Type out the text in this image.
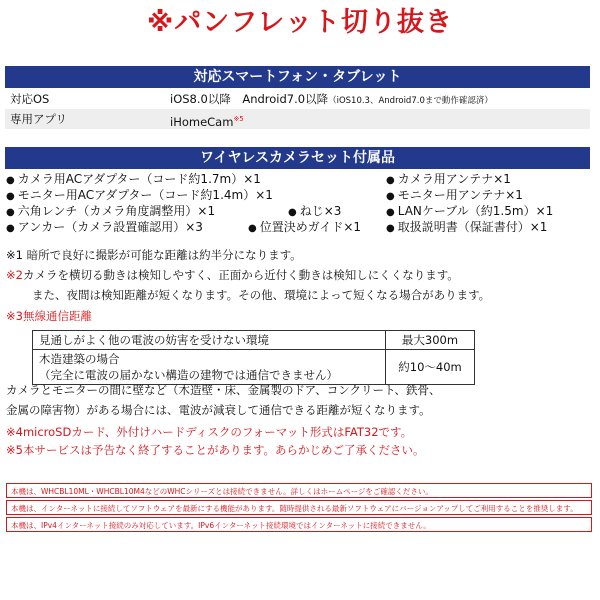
※パンフレット切り抜き
対応スマートフォン・タブレット
対応OS	iOS8.0以降　Android7.0以降（iOS10.3、Android7.0まで動作確認済）
専用アプリ	iHomeCam$^{※5}$
ワイヤレスカメラセット付属品
● カメラ用ACアダプター（コード約1.7m）×1	● カメラ用アンテナ×1
● モニター用ACアダプター（コード約1.4m）×1	● モニター用アンテナ×1
● 六角レンチ（カメラ角度調整用）×1	● ねじ×3	● LANケーブル（約1.5m）×1
● アンカー（カメラ設置確認用）×3	● 位置決めガイド×1	● 取扱説明書（保証書付）×1
※1 暗所で良好に撮影が可能な距離は約半分になります。
※2カメラを横切る動きは検知しやすく、正面から近付く動きは検知しにくくなります。
また、夜間は検知距離が短くなります。その他、環境によって短くなる場合があります。
※3無線通信距離
見通しがよく他の電波の妨害を受けない環境	最大300m

木造建築の場合
（完全に電波の届かない構造の建物では通信できません）	約10〜40m
カメラとモニターの間に壁など（木造壁・床、金属製のドア、コンクリート、鉄骨、
金属の障害物）がある場合には、電波が減衰して通信できる距離が短くなります。
※4microSDカード、外付けハードディスクのフォーマット形式はFAT32です。
※5本サービスは予告なく終了することがあります。あらかじめご了承ください。
本機は、WHCBL10ML・WHCBL10M4などのWHCシリーズとは接続できません。詳しくはホームページをご確認ください。
本機は、インターネットに接続してソフトウェアを最新にする機能があります。随時提供される最新ソフトウェアにバージョンアップしてご利用することを推奨します。
本機は、IPv4インターネット接続のみ対応しています。IPv6インターネット接続環境ではインターネットに接続できません。
